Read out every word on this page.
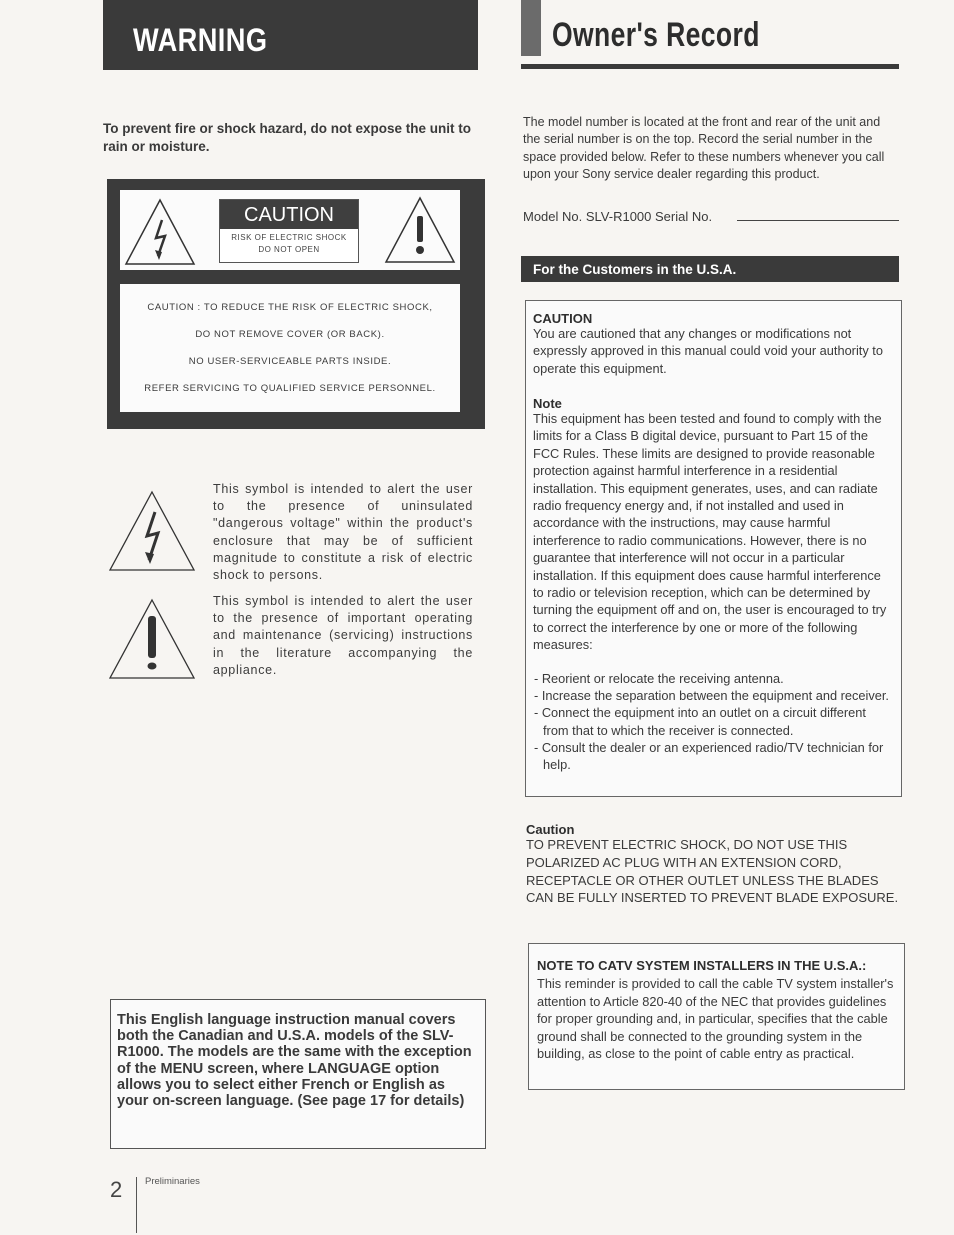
WARNING
To prevent fire or shock hazard, do not expose the unit to rain or moisture.
CAUTION
RISK OF ELECTRIC SHOCK
DO NOT OPEN
CAUTION : TO REDUCE THE RISK OF ELECTRIC SHOCK,
DO NOT REMOVE COVER (OR BACK).
NO USER-SERVICEABLE PARTS INSIDE.
REFER SERVICING TO QUALIFIED SERVICE PERSONNEL.
This symbol is intended to alert the user to the presence of uninsulated "dangerous voltage" within the product's enclosure that may be of sufficient magnitude to constitute a risk of electric shock to persons.
This symbol is intended to alert the user to the presence of important operating and maintenance (servicing) instructions in the literature accompanying the appliance.
This English language instruction manual covers both the Canadian and U.S.A. models of the SLV-R1000. The models are the same with the exception of the MENU screen, where LANGUAGE option allows you to select either French or English as your on-screen language. (See page 17 for details)
2 Preliminaries
Owner's Record
The model number is located at the front and rear of the unit and the serial number is on the top. Record the serial number in the space provided below. Refer to these numbers whenever you call upon your Sony service dealer regarding this product.
Model No. SLV-R1000 Serial No.
For the Customers in the U.S.A.
CAUTION
You are cautioned that any changes or modifications not expressly approved in this manual could void your authority to operate this equipment.
Note
This equipment has been tested and found to comply with the limits for a Class B digital device, pursuant to Part 15 of the FCC Rules. These limits are designed to provide reasonable protection against harmful interference in a residential installation. This equipment generates, uses, and can radiate radio frequency energy and, if not installed and used in accordance with the instructions, may cause harmful interference to radio communications. However, there is no guarantee that interference will not occur in a particular installation. If this equipment does cause harmful interference to radio or television reception, which can be determined by turning the equipment off and on, the user is encouraged to try to correct the interference by one or more of the following measures:
- Reorient or relocate the receiving antenna.
- Increase the separation between the equipment and receiver.
- Connect the equipment into an outlet on a circuit different from that to which the receiver is connected.
- Consult the dealer or an experienced radio/TV technician for help.
Caution
TO PREVENT ELECTRIC SHOCK, DO NOT USE THIS POLARIZED AC PLUG WITH AN EXTENSION CORD, RECEPTACLE OR OTHER OUTLET UNLESS THE BLADES CAN BE FULLY INSERTED TO PREVENT BLADE EXPOSURE.
NOTE TO CATV SYSTEM INSTALLERS IN THE U.S.A.:
This reminder is provided to call the cable TV system installer's attention to Article 820-40 of the NEC that provides guidelines for proper grounding and, in particular, specifies that the cable ground shall be connected to the grounding system in the building, as close to the point of cable entry as practical.
